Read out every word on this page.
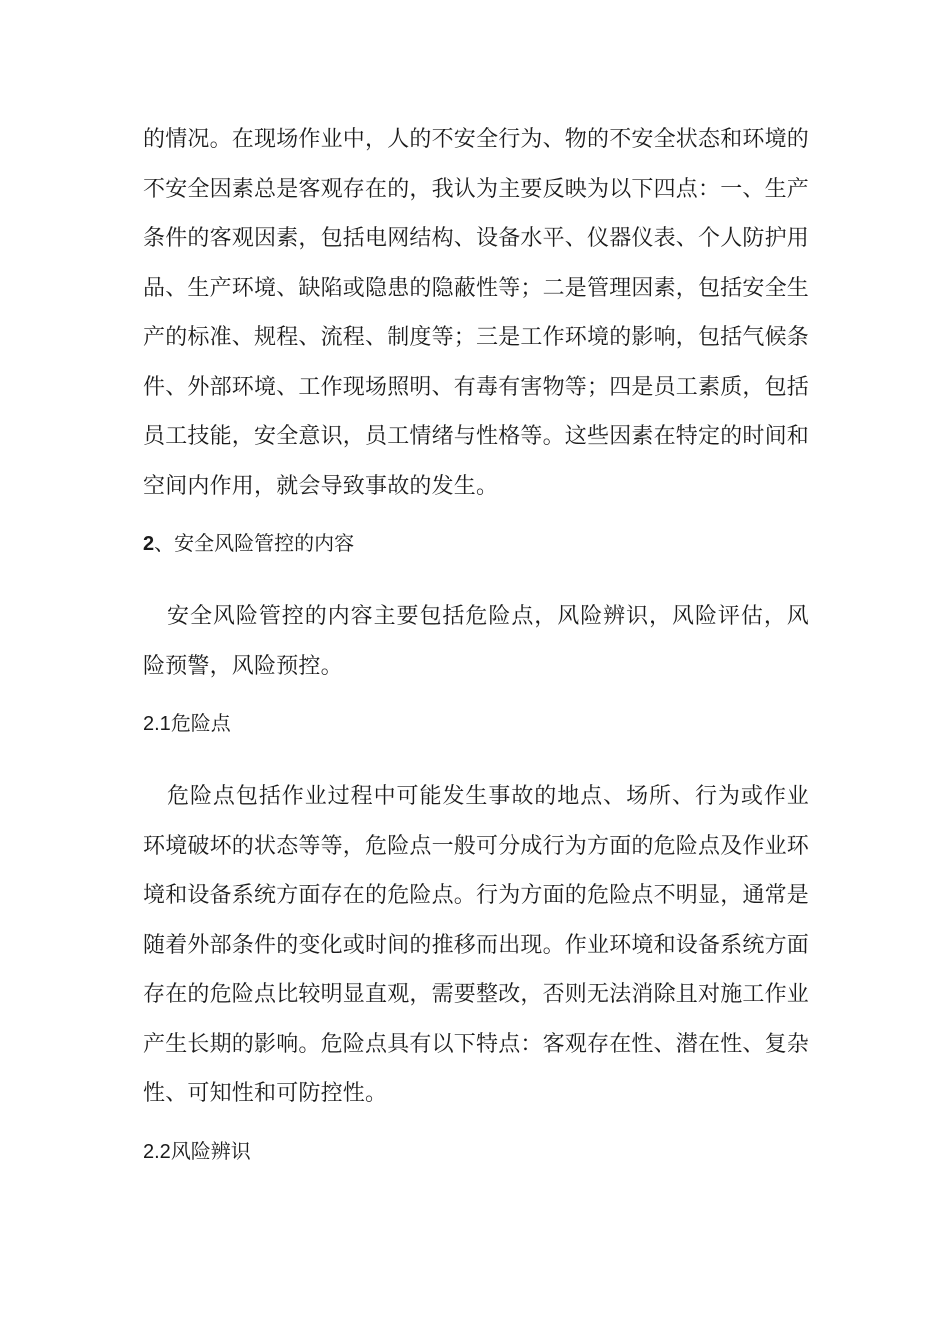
的情况。在现场作业中，人的不安全行为、物的不安全状态和环境的不安全因素总是客观存在的，我认为主要反映为以下四点：一、生产条件的客观因素，包括电网结构、设备水平、仪器仪表、个人防护用品、生产环境、缺陷或隐患的隐蔽性等；二是管理因素，包括安全生产的标准、规程、流程、制度等；三是工作环境的影响，包括气候条件、外部环境、工作现场照明、有毒有害物等；四是员工素质，包括员工技能，安全意识，员工情绪与性格等。这些因素在特定的时间和空间内作用，就会导致事故的发生。

2、安全风险管控的内容

安全风险管控的内容主要包括危险点，风险辨识，风险评估，风险预警，风险预控。

2.1危险点

危险点包括作业过程中可能发生事故的地点、场所、行为或作业环境破坏的状态等等，危险点一般可分成行为方面的危险点及作业环境和设备系统方面存在的危险点。行为方面的危险点不明显，通常是随着外部条件的变化或时间的推移而出现。作业环境和设备系统方面存在的危险点比较明显直观，需要整改，否则无法消除且对施工作业产生长期的影响。危险点具有以下特点：客观存在性、潜在性、复杂性、可知性和可防控性。

2.2风险辨识
